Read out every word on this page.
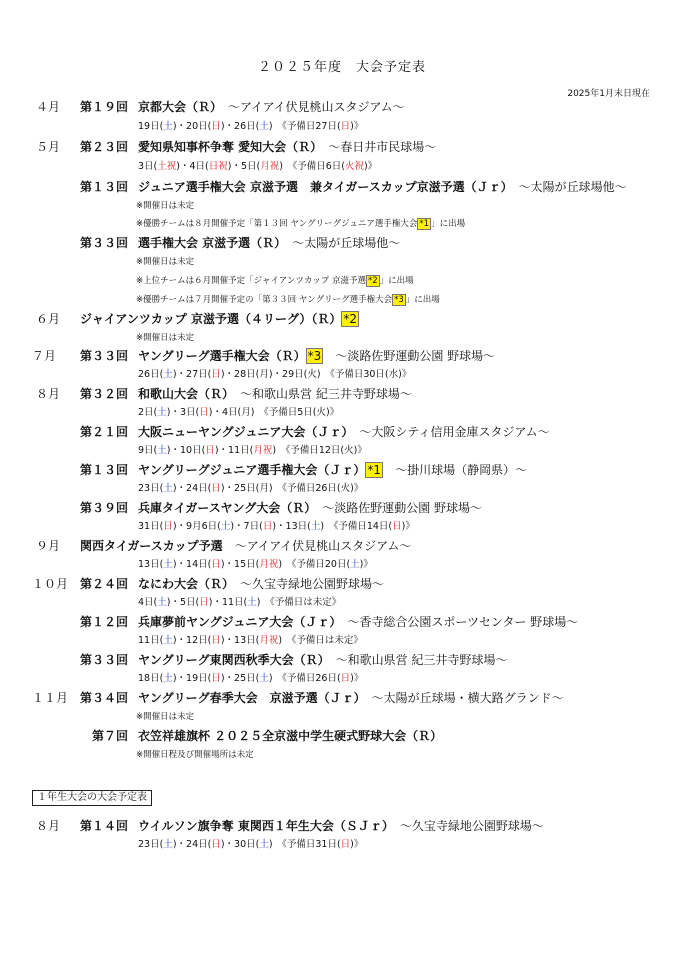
２０２５年度　大会予定表
2025年1月末日現在
４月 第１９回 京都大会（Ｒ）　 ～アイアイ伏見桃山スタジアム～
19日(土)・20日(日)・26日(土)　 《予備日27日(日)》
５月 第２３回 愛知県知事杯争奪 愛知大会（Ｒ）　 ～春日井市民球場～
3日(土祝)・4日(日祝)・5日(月祝)　 《予備日6日(火祝)》
第１３回 ジュニア選手権大会 京滋予選　兼タイガースカップ京滋予選（Ｊｒ）　 ～太陽が丘球場他～
※開催日は未定
※優勝チームは８月開催予定「第１３回 ヤングリーグジュニア選手権大会 *1 」に出場
第３３回 選手権大会 京滋予選（Ｒ）　 ～太陽が丘球場他～
※開催日は未定
※上位チームは６月開催予定「ジャイアンツカップ 京滋予選 *2 」に出場
※優勝チームは７月開催予定の「第３３回 ヤングリーグ選手権大会 *3 」に出場
６月 ジャイアンツカップ 京滋予選（４リーグ）（Ｒ） *2
※開催日は未定
７月 第３３回 ヤングリーグ選手権大会（Ｒ） *3　 ～淡路佐野運動公園 野球場～
26日(土)・27日(日)・28日(月)・29日(火)　 《予備日30日(水)》
８月 第３２回 和歌山大会（Ｒ）　 ～和歌山県営 紀三井寺野球場～
2日(土)・3日(日)・4日(月)　 《予備日5日(火)》
第２１回 大阪ニューヤングジュニア大会（Ｊｒ）　 ～大阪シティ信用金庫スタジアム～
9日(土)・10日(日)・11日(月祝)　 《予備日12日(火)》
第１３回 ヤングリーグジュニア選手権大会（Ｊｒ） *1　 ～掛川球場（静岡県）～
23日(土)・24日(日)・25日(月)　 《予備日26日(火)》
第３９回 兵庫タイガースヤング大会（Ｒ）　 ～淡路佐野運動公園 野球場～
31日(日)・9月6日(土)・7日(日)・13日(土)　 《予備日14日(日)》
９月 関西タイガースカップ予選　 ～アイアイ伏見桃山スタジアム～
13日(土)・14日(日)・15日(月祝)　 《予備日20日(土)》
１０月 第２４回 なにわ大会（Ｒ）　 ～久宝寺緑地公園野球場～
4日(土)・5日(日)・11日(土)　 《予備日は未定》
第１２回 兵庫夢前ヤングジュニア大会（Ｊｒ）　 ～香寺総合公園スポーツセンター 野球場～
11日(土)・12日(日)・13日(月祝)　 《予備日は未定》
第３３回 ヤングリーグ東関西秋季大会（Ｒ）　 ～和歌山県営 紀三井寺野球場～
18日(土)・19日(日)・25日(土)　 《予備日26日(日)》
１１月 第３４回 ヤングリーグ春季大会　京滋予選（Ｊｒ）　 ～太陽が丘球場・横大路グランド～
※開催日は未定
第７回 衣笠祥雄旗杯 ２０２５全京滋中学生硬式野球大会（Ｒ）
※開催日程及び開催場所は未定
１年生大会の大会予定表
８月 第１４回 ウイルソン旗争奪 東関西１年生大会（ＳＪｒ）　 ～久宝寺緑地公園野球場～
23日(土)・24日(日)・30日(土)　 《予備日31日(日)》
